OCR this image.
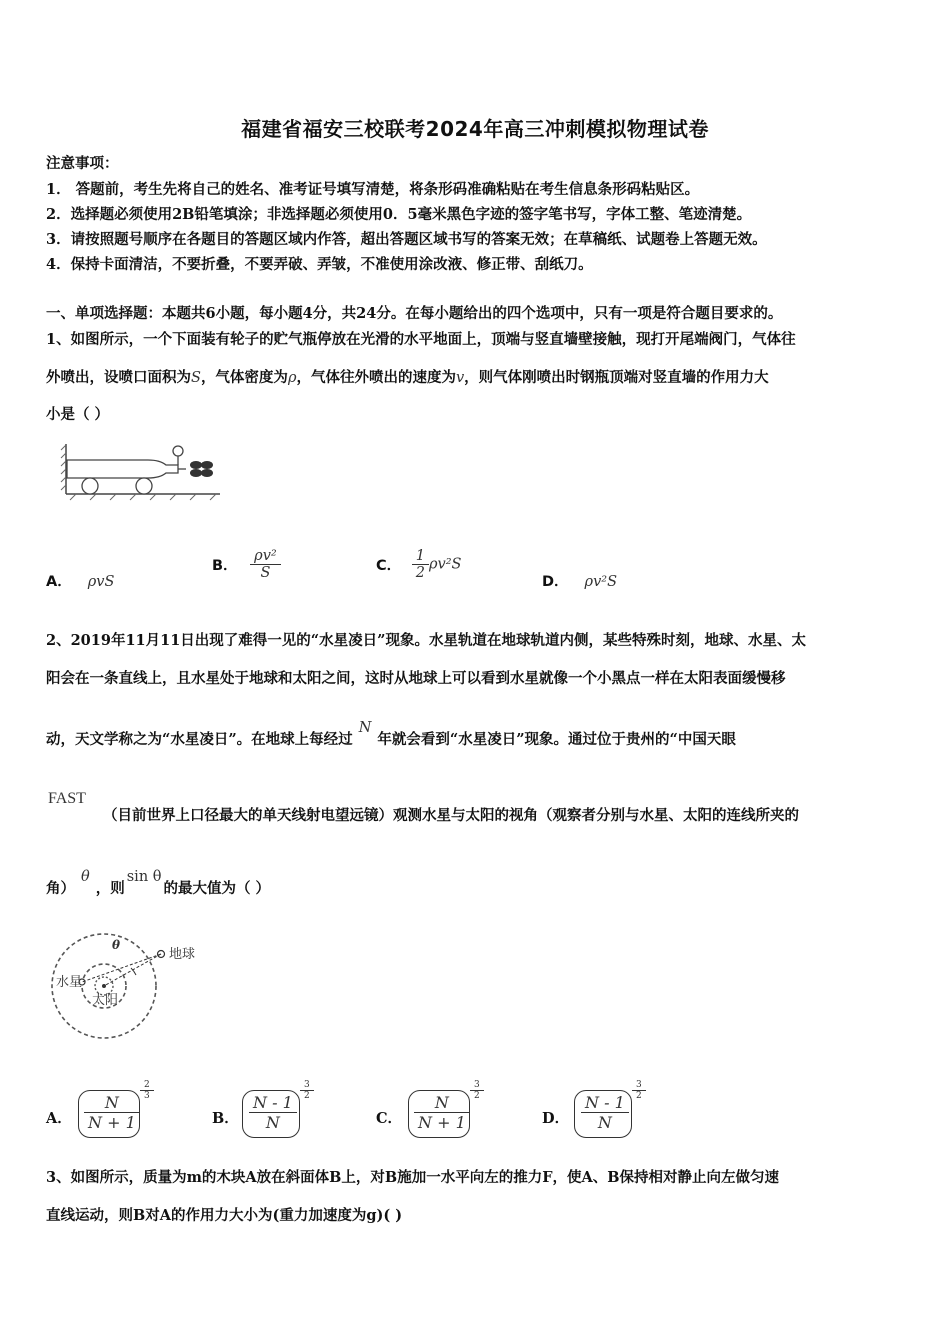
福建省福安三校联考2024年高三冲刺模拟物理试卷
注意事项：
1． 答题前，考生先将自己的姓名、准考证号填写清楚，将条形码准确粘贴在考生信息条形码粘贴区。
2．选择题必须使用2B铅笔填涂；非选择题必须使用0．5毫米黑色字迹的签字笔书写，字体工整、笔迹清楚。
3．请按照题号顺序在各题目的答题区域内作答，超出答题区域书写的答案无效；在草稿纸、试题卷上答题无效。
4．保持卡面清洁，不要折叠，不要弄破、弄皱，不准使用涂改液、修正带、刮纸刀。
一、单项选择题：本题共6小题，每小题4分，共24分。在每小题给出的四个选项中，只有一项是符合题目要求的。
1、如图所示，一个下面装有轮子的贮气瓶停放在光滑的水平地面上，顶端与竖直墙壁接触，现打开尾端阀门，气体往
外喷出，设喷口面积为S，气体密度为ρ，气体往外喷出的速度为v，则气体刚喷出时钢瓶顶端对竖直墙的作用力大
小是（ ）
A． ρvS
B． $\frac{\text{ρv²}}{S}$	C． $\frac{1}{2} \rho v^2S$
D． ρv²S
2、2019年11月11日出现了难得一见的“水星凌日”现象。水星轨道在地球轨道内侧，某些特殊时刻，地球、水星、太
阳会在一条直线上，且水星处于地球和太阳之间，这时从地球上可以看到水星就像一个小黑点一样在太阳表面缓慢移
动，天文学称之为“水星凌日”。在地球上每经过N年就会看到“水星凌日”现象。通过位于贵州的“中国天眼
FAST
（目前世界上口径最大的单天线射电望远镜）观测水星与太阳的视角（观察者分别与水星、太阳的连线所夹的
角）θ，则sin θ的最大值为（ ）
θ
地球
水星
太阳
A． $\frac{N}{N + 1}$
$\frac{2}{3}$
B． $\frac{N - 1}{N}$
$\frac{3}{2}$
C． $\frac{N}{N + 1}$
$\frac{3}{2}$
D． $\frac{N - 1}{N}$
$\frac{3}{2}$
3、如图所示，质量为m的木块A放在斜面体B上，对B施加一水平向左的推力F，使A、B保持相对静止向左做匀速
直线运动，则B对A的作用力大小为(重力加速度为g)( )
